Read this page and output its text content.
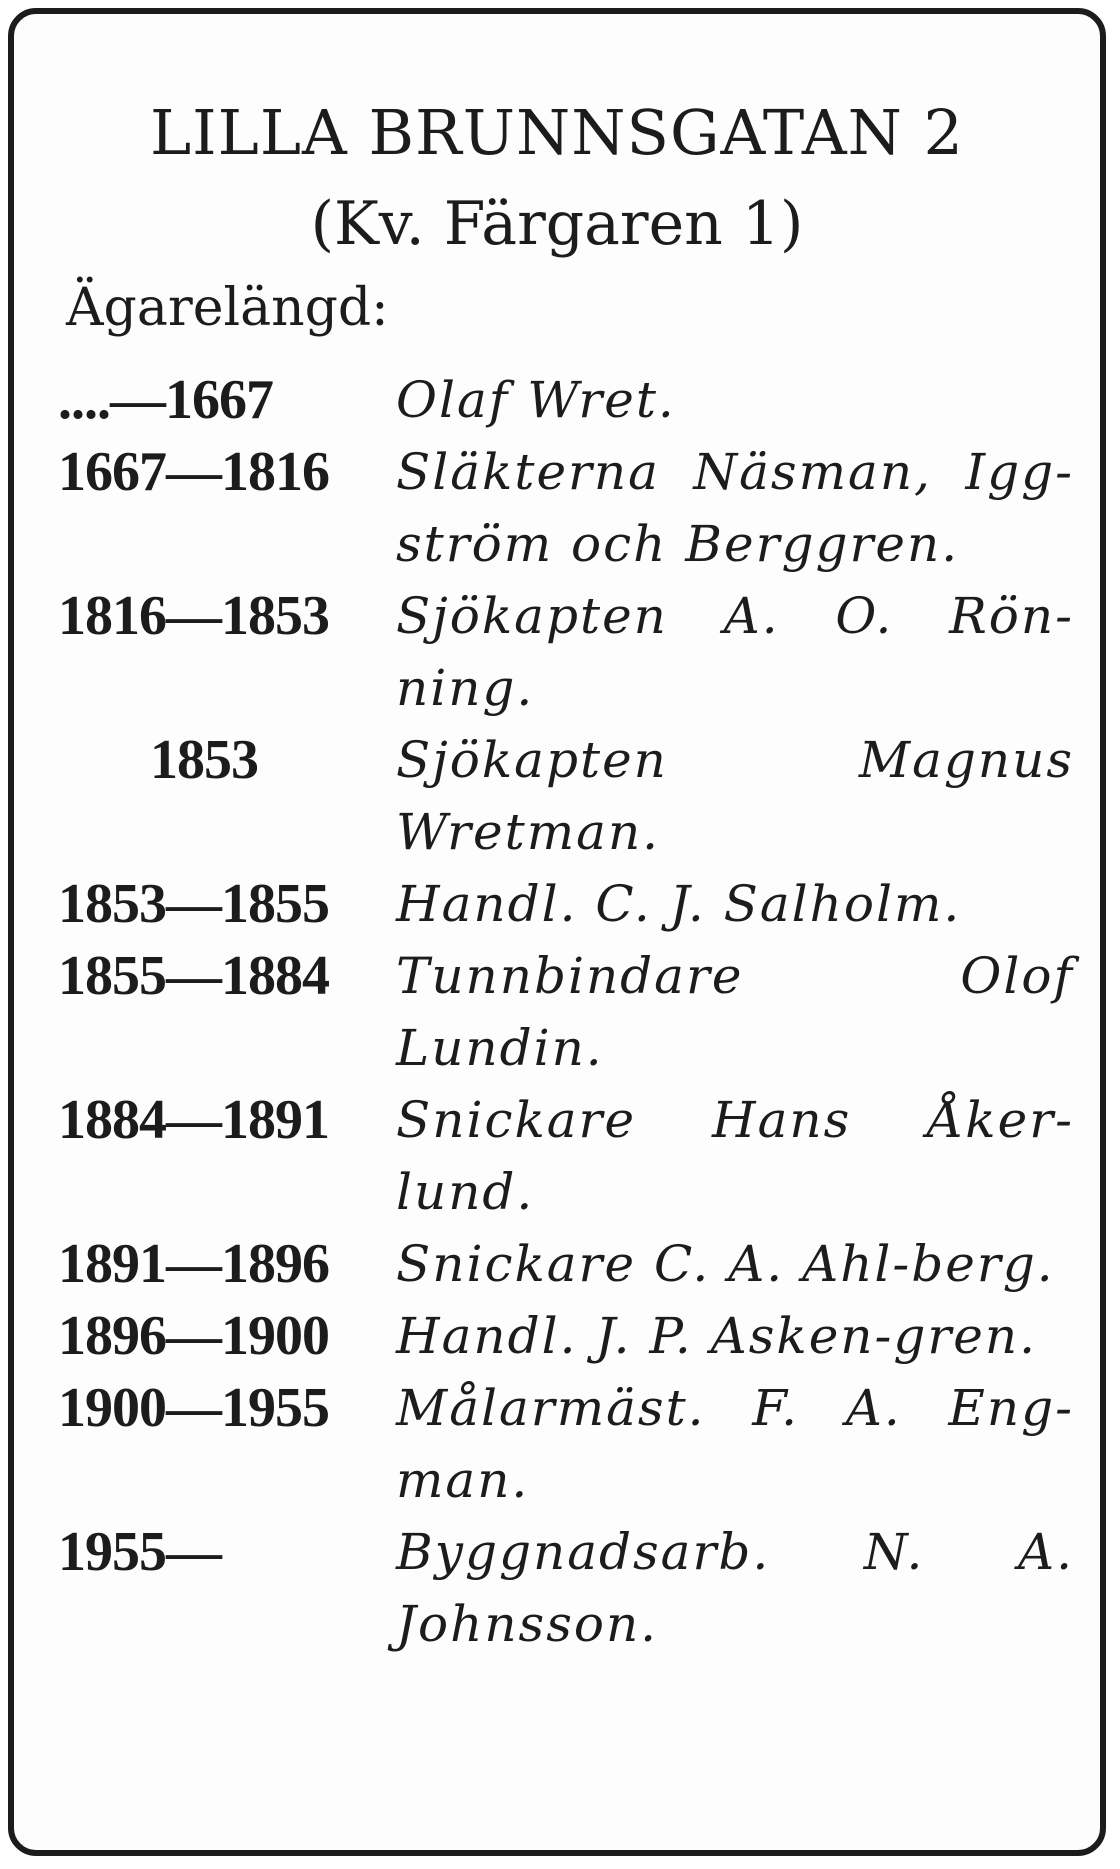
LILLA BRUNNSGATAN 2
(Kv. Färgaren 1)
Ägarelängd:
....—1667	Olaf Wret.
1667—1816	Släkterna Näsman, Igg-ström och Berggren.
1816—1853	Sjökapten A. O. Rön-ning.
1853	Sjökapten Magnus Wretman.
1853—1855	Handl. C. J. Salholm.
1855—1884	Tunnbindare Olof Lundin.
1884—1891	Snickare Hans Åker-lund.
1891—1896	Snickare C. A. Ahl-berg.
1896—1900	Handl. J. P. Asken-gren.
1900—1955	Målarmäst. F. A. Eng-man.
1955—	Byggnadsarb. N. A. Johnsson.
